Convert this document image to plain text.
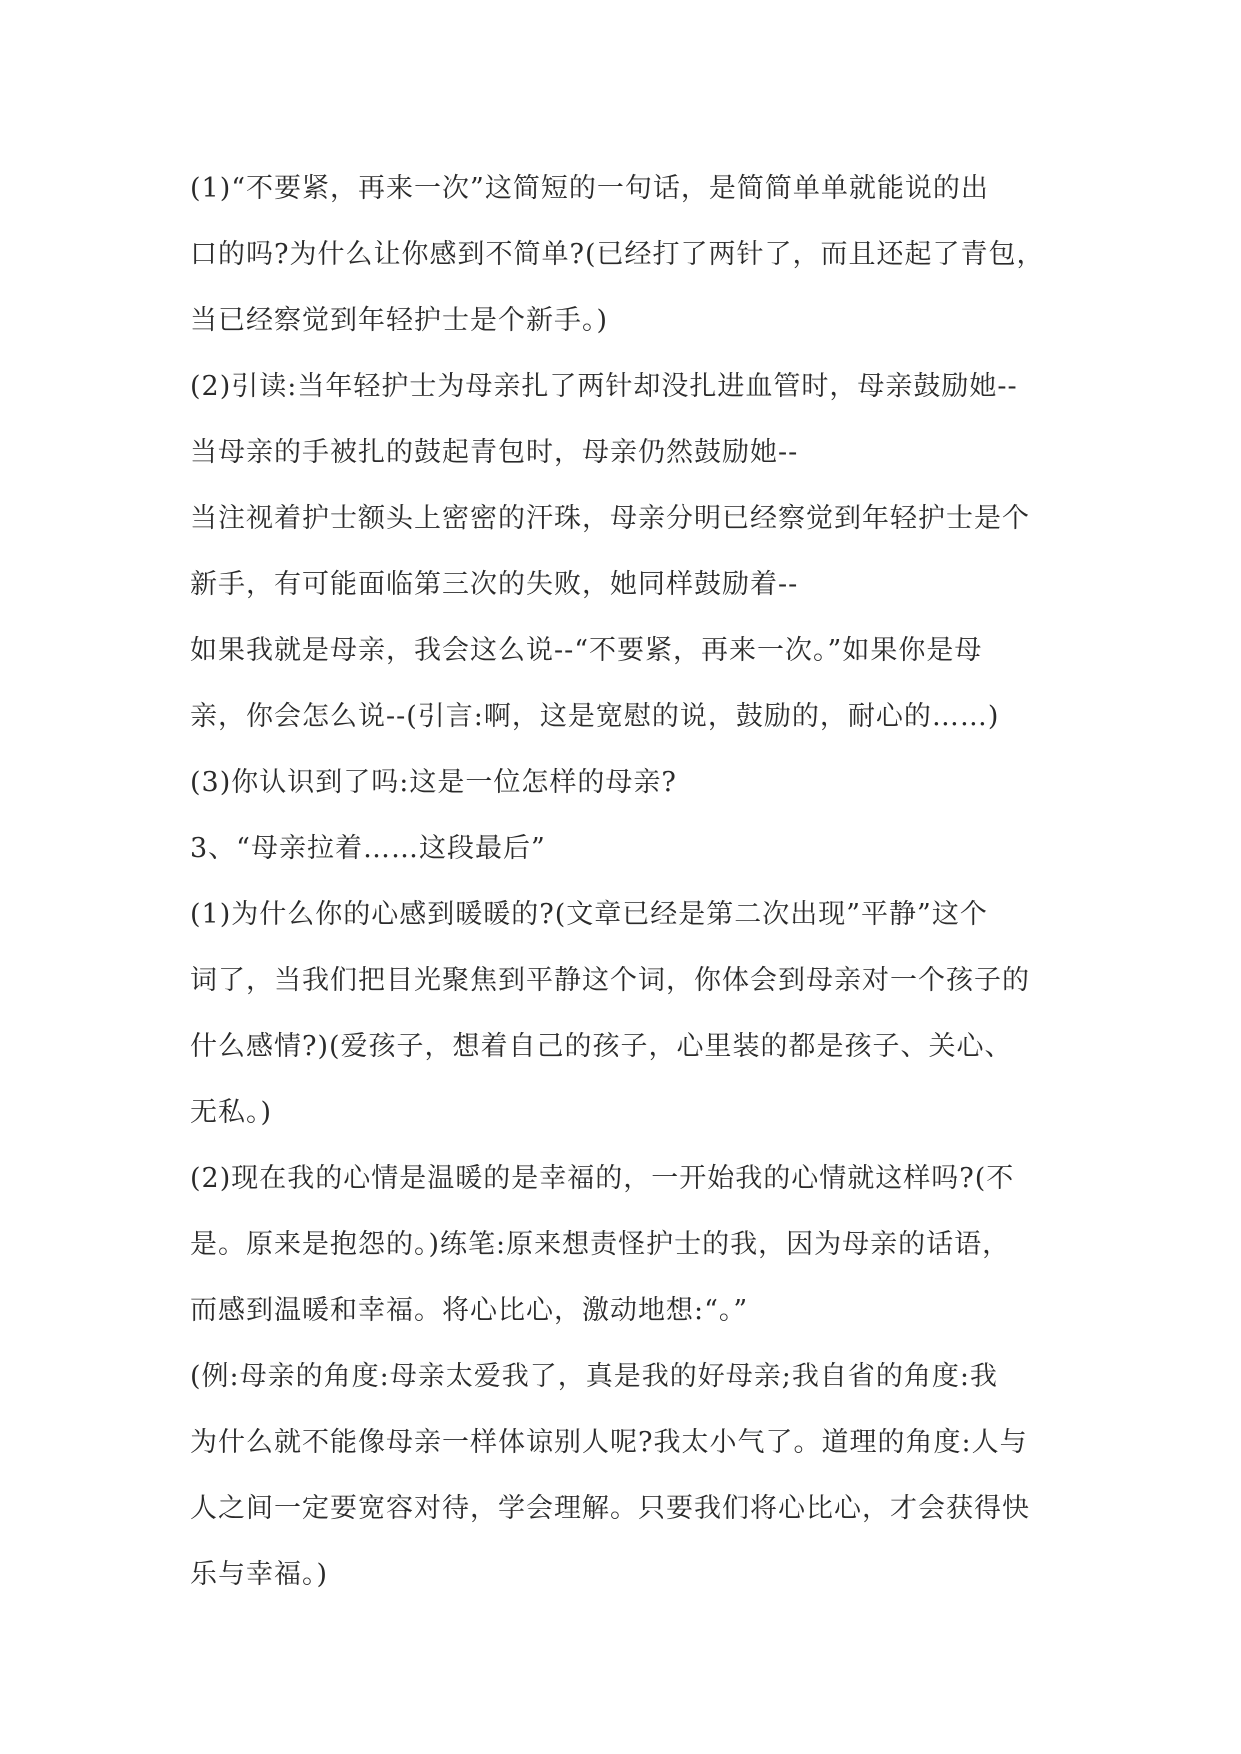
(1)“不要紧，再来一次”这简短的一句话，是简简单单就能说的出
口的吗?为什么让你感到不简单?(已经打了两针了，而且还起了青包，
当已经察觉到年轻护士是个新手。)
(2)引读:当年轻护士为母亲扎了两针却没扎进血管时，母亲鼓励她--
当母亲的手被扎的鼓起青包时，母亲仍然鼓励她--
当注视着护士额头上密密的汗珠，母亲分明已经察觉到年轻护士是个
新手，有可能面临第三次的失败，她同样鼓励着--
如果我就是母亲，我会这么说--“不要紧，再来一次。”如果你是母
亲，你会怎么说--(引言:啊，这是宽慰的说，鼓励的，耐心的……)
(3)你认识到了吗:这是一位怎样的母亲?
3、“母亲拉着……这段最后”
(1)为什么你的心感到暖暖的?(文章已经是第二次出现”平静”这个
词了，当我们把目光聚焦到平静这个词，你体会到母亲对一个孩子的
什么感情?)(爱孩子，想着自己的孩子，心里装的都是孩子、关心、
无私。)
(2)现在我的心情是温暖的是幸福的，一开始我的心情就这样吗?(不
是。原来是抱怨的。)练笔:原来想责怪护士的我，因为母亲的话语，
而感到温暖和幸福。将心比心，激动地想:“。”
(例:母亲的角度:母亲太爱我了，真是我的好母亲;我自省的角度:我
为什么就不能像母亲一样体谅别人呢?我太小气了。道理的角度:人与
人之间一定要宽容对待，学会理解。只要我们将心比心，才会获得快
乐与幸福。)
